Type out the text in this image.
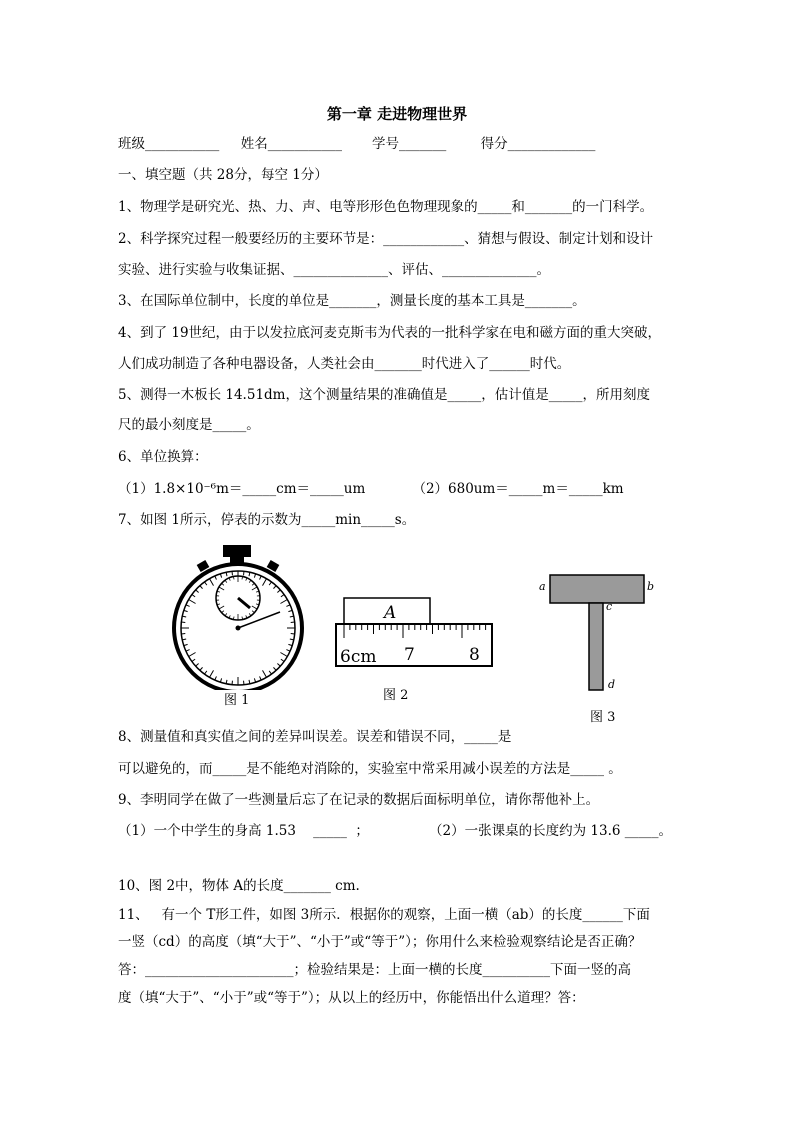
第一章 走进物理世界
班级___________     姓名___________       学号_______        得分_____________
一、填空题（共 28分，每空 1分）
1、物理学是研究光、热、力、声、电等形形色色物理现象的_____和_______的一门科学。
2、科学探究过程一般要经历的主要环节是：____________、猜想与假设、制定计划和设计
实验、进行实验与收集证据、______________、评估、______________。
3、在国际单位制中，长度的单位是_______，测量长度的基本工具是_______。
4、到了 19世纪，由于以发拉底河麦克斯韦为代表的一批科学家在电和磁方面的重大突破，
人们成功制造了各种电器设备，人类社会由_______时代进入了______时代。
5、测得一木板长 14.51dm，这个测量结果的准确值是_____，估计值是_____，所用刻度
尺的最小刻度是_____。
6、单位换算：
（1）1.8×10⁻⁶m＝_____cm＝_____um           （2）680um＝_____m＝_____km
7、如图 1所示，停表的示数为_____min_____s。
图 1
A
6cm 7	8
图 2
a	b
c
d
图 3
8、测量值和真实值之间的差异叫误差。误差和错误不同，_____是
可以避免的，而_____是不能绝对消除的，实验室中常采用减小误差的方法是_____ 。
9、李明同学在做了一些测量后忘了在记录的数据后面标明单位，请你帮他补上。
（1）一个中学生的身高 1.53    _____  ；              （2）一张课桌的长度约为 13.6 _____。
10、图 2中，物体 A的长度_______ cm.
11、   有一个 T形工件，如图 3所示．根据你的观察，上面一横（ab）的长度______下面
一竖（cd）的高度（填“大于”、“小于”或“等于”）；你用什么来检验观察结论是否正确？
答：______________________；检验结果是：上面一横的长度__________下面一竖的高
度（填“大于”、“小于”或“等于”）；从以上的经历中，你能悟出什么道理？答：
